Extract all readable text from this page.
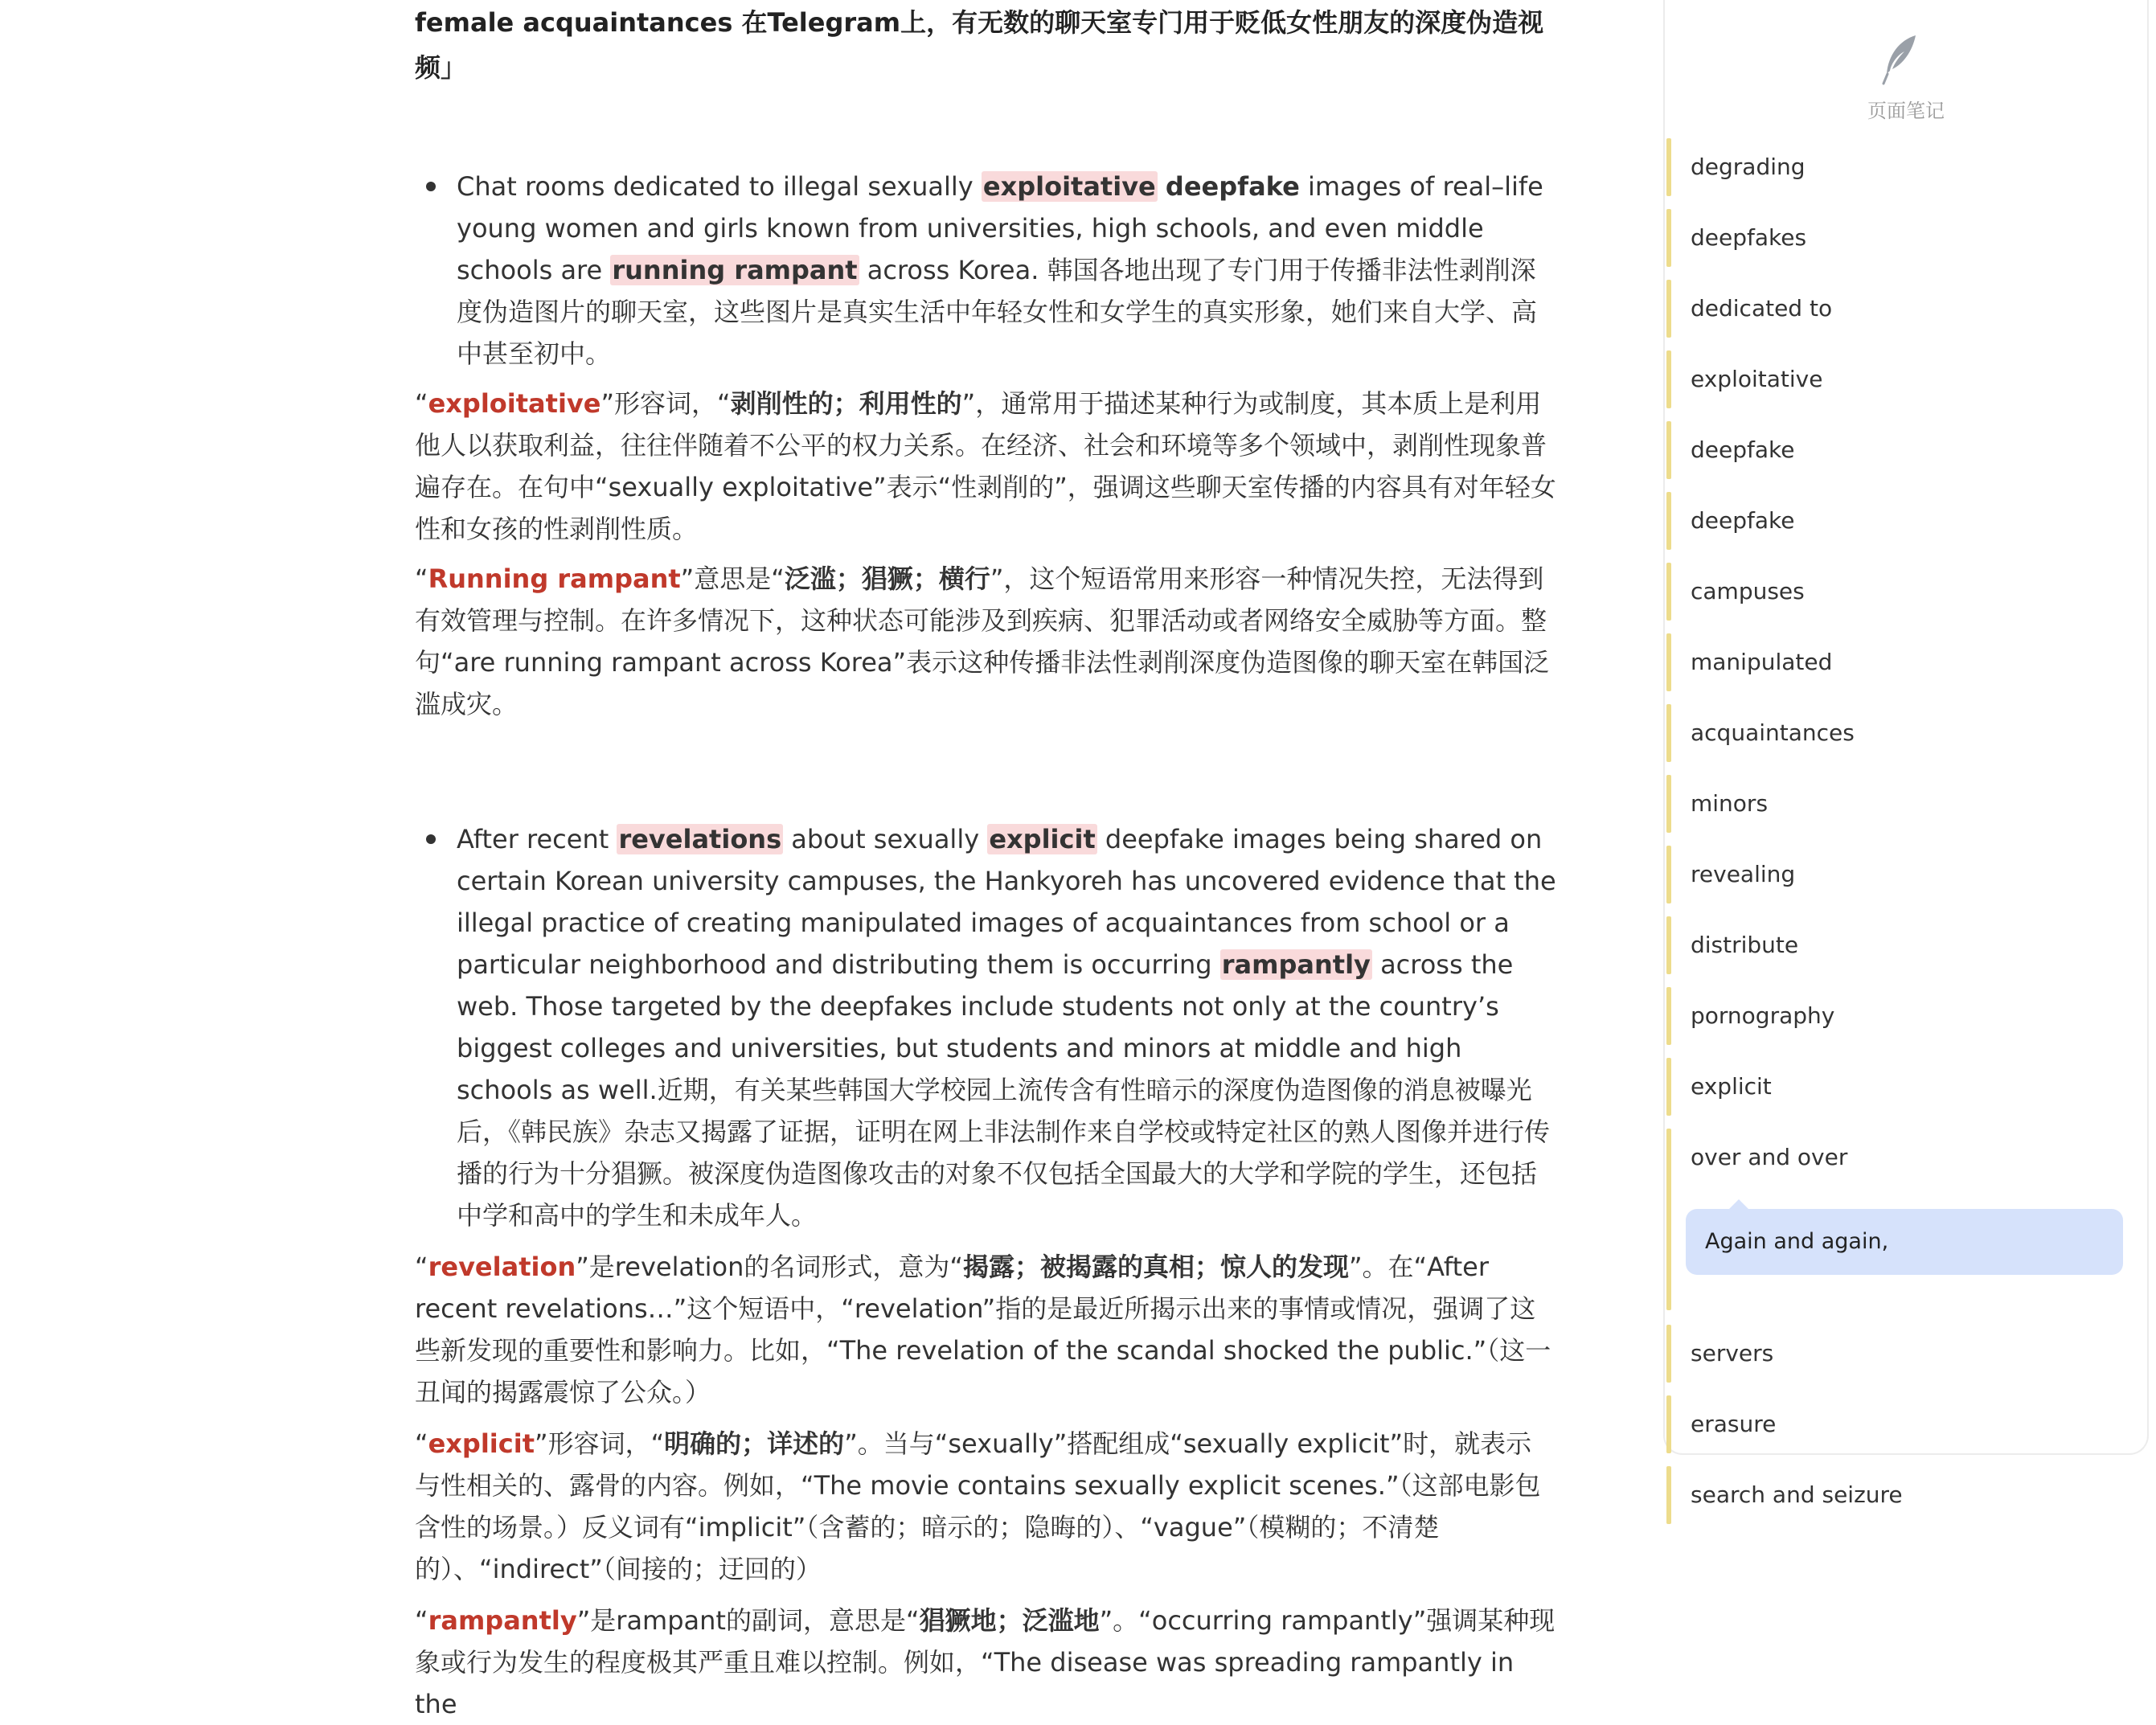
female acquaintances 在Telegram上，有无数的聊天室专门用于贬低女性朋友的深度伪造视频」

Chat rooms dedicated to illegal sexually exploitative deepfake images of real–life young women and girls known from universities, high schools, and even middle schools are running rampant across Korea. 韩国各地出现了专门用于传播非法性剥削深度伪造图片的聊天室，这些图片是真实生活中年轻女性和女学生的真实形象，她们来自大学、高中甚至初中。

“exploitative”形容词，“剥削性的；利用性的”，通常用于描述某种行为或制度，其本质上是利用他人以获取利益，往往伴随着不公平的权力关系。在经济、社会和环境等多个领域中，剥削性现象普遍存在。在句中“sexually exploitative”表示“性剥削的”，强调这些聊天室传播的内容具有对年轻女性和女孩的性剥削性质。

“Running rampant”意思是“泛滥；猖獗；横行”，这个短语常用来形容一种情况失控，无法得到有效管理与控制。在许多情况下，这种状态可能涉及到疾病、犯罪活动或者网络安全威胁等方面。整句“are running rampant across Korea”表示这种传播非法性剥削深度伪造图像的聊天室在韩国泛滥成灾。

After recent revelations about sexually explicit deepfake images being shared on certain Korean university campuses, the Hankyoreh has uncovered evidence that the illegal practice of creating manipulated images of acquaintances from school or a particular neighborhood and distributing them is occurring rampantly across the web. Those targeted by the deepfakes include students not only at the country’s biggest colleges and universities, but students and minors at middle and high schools as well.近期，有关某些韩国大学校园上流传含有性暗示的深度伪造图像的消息被曝光后，《韩民族》杂志又揭露了证据，证明在网上非法制作来自学校或特定社区的熟人图像并进行传播的行为十分猖獗。被深度伪造图像攻击的对象不仅包括全国最大的大学和学院的学生，还包括中学和高中的学生和未成年人。

“revelation”是revelation的名词形式，意为“揭露；被揭露的真相；惊人的发现”。在“After recent revelations…”这个短语中，“revelation”指的是最近所揭示出来的事情或情况，强调了这些新发现的重要性和影响力。比如，“The revelation of the scandal shocked the public.”（这一丑闻的揭露震惊了公众。）

“explicit”形容词，“明确的；详述的”。当与“sexually”搭配组成“sexually explicit”时，就表示与性相关的、露骨的内容。例如，“The movie contains sexually explicit scenes.”（这部电影包含性的场景。）反义词有“implicit”（含蓄的；暗示的；隐晦的）、“vague”（模糊的；不清楚的）、“indirect”（间接的；迂回的）

“rampantly”是rampant的副词，意思是“猖獗地；泛滥地”。“occurring rampantly”强调某种现象或行为发生的程度极其严重且难以控制。例如，“The disease was spreading rampantly in the

页面笔记
degrading
deepfakes
dedicated to
exploitative
deepfake
deepfake
campuses
manipulated
acquaintances
minors
revealing
distribute
pornography
explicit
over and over
Again and again,
servers
erasure
search and seizure
